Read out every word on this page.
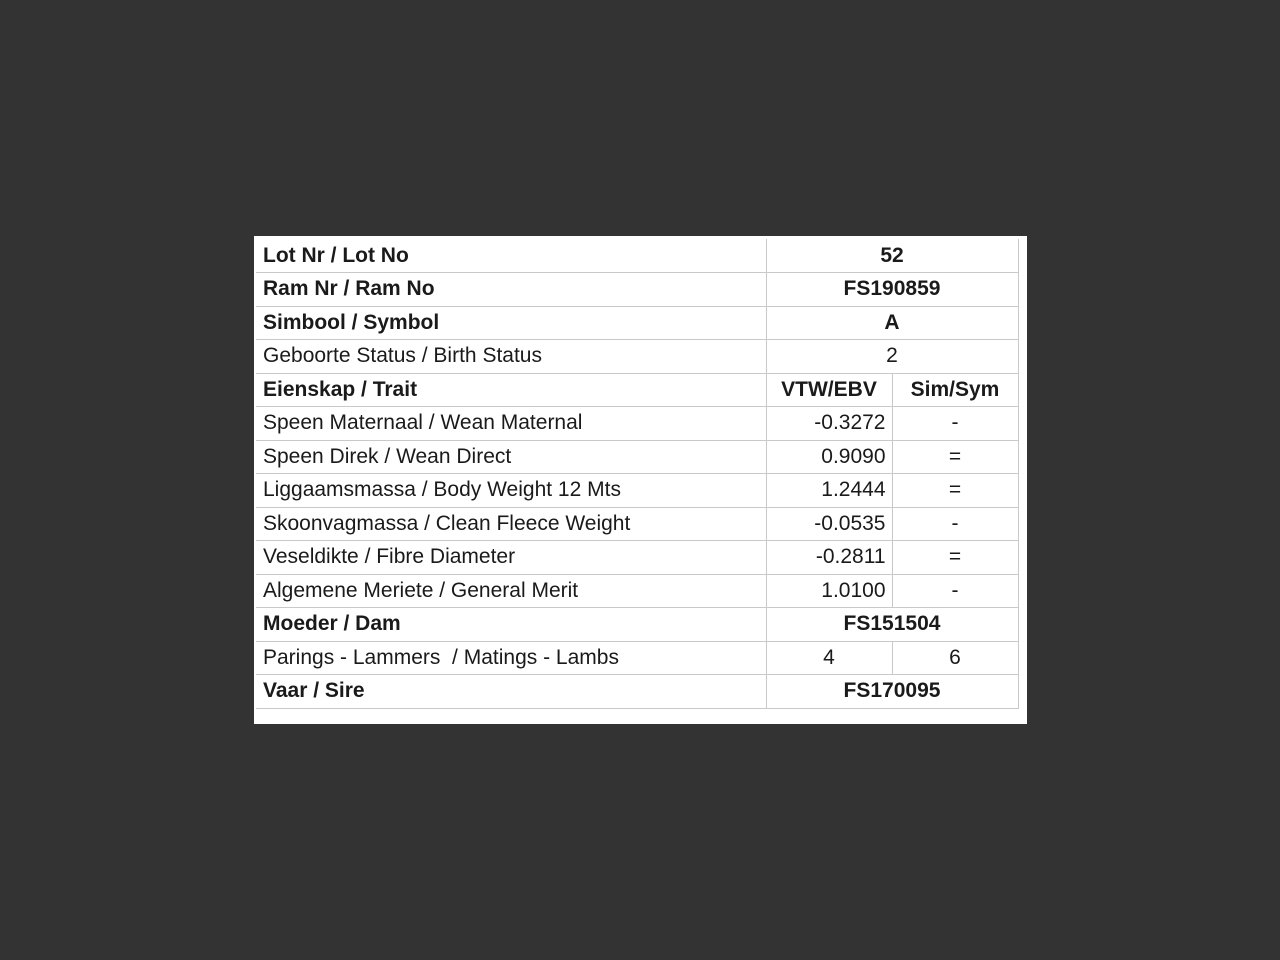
Lot Nr / Lot No	52	
Ram Nr / Ram No	FS190859	
Simbool / Symbol	A	
Geboorte Status / Birth Status	2	
Eienskap / Trait	VTW/EBV	Sim/Sym
Speen Maternaal / Wean Maternal	-0.3272	-
Speen Direk / Wean Direct	0.9090	=
Liggaamsmassa / Body Weight 12 Mts	1.2444	=
Skoonvagmassa / Clean Fleece Weight	-0.0535	-
Veseldikte / Fibre Diameter	-0.2811	=
Algemene Meriete / General Merit	1.0100	-
Moeder / Dam	FS151504	
Parings - Lammers  / Matings - Lambs	4	6
Vaar / Sire	FS170095	
